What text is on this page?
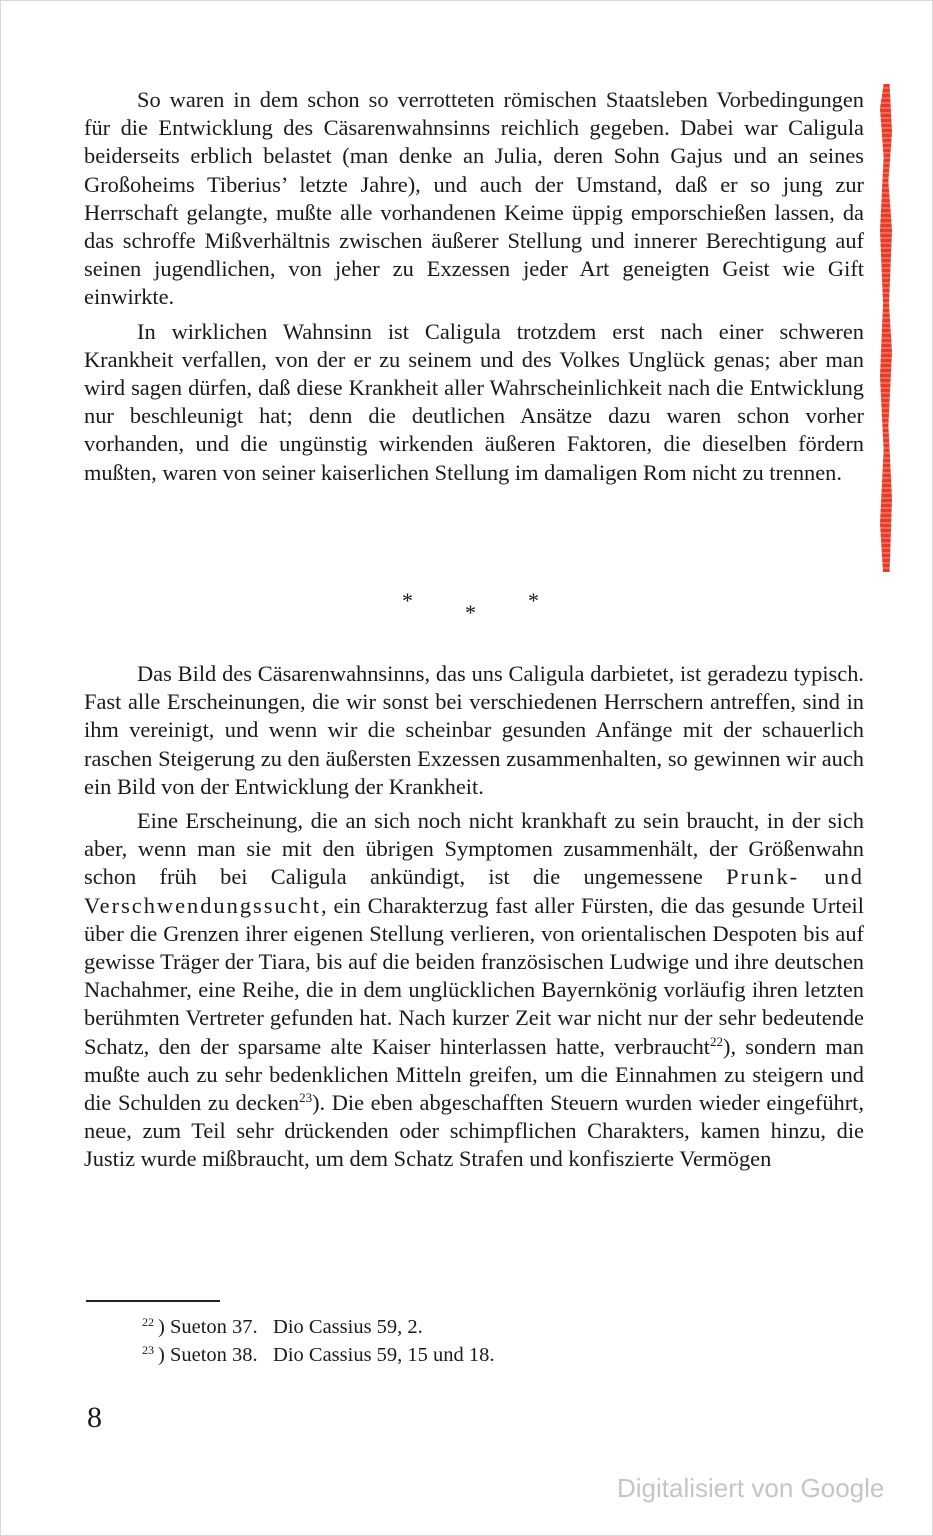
So waren in dem schon so verrotteten römischen Staatsleben Vorbedingungen für die Entwicklung des Cäsarenwahnsinns reichlich gegeben. Dabei war Caligula beiderseits erblich belastet (man denke an Julia, deren Sohn Gajus und an seines Großoheims Tiberius’ letzte Jahre), und auch der Umstand, daß er so jung zur Herrschaft gelangte, mußte alle vorhandenen Keime üppig emporschießen lassen, da das schroffe Mißverhältnis zwischen äußerer Stellung und innerer Berechtigung auf seinen jugendlichen, von jeher zu Exzessen jeder Art geneigten Geist wie Gift einwirkte.

In wirklichen Wahnsinn ist Caligula trotzdem erst nach einer schweren Krankheit verfallen, von der er zu seinem und des Volkes Unglück genas; aber man wird sagen dürfen, daß diese Krankheit aller Wahrscheinlichkeit nach die Entwicklung nur beschleunigt hat; denn die deutlichen Ansätze dazu waren schon vorher vorhanden, und die ungünstig wirkenden äußeren Faktoren, die dieselben fördern mußten, waren von seiner kaiserlichen Stellung im damaligen Rom nicht zu trennen.

* * *

Das Bild des Cäsarenwahnsinns, das uns Caligula darbietet, ist geradezu typisch. Fast alle Erscheinungen, die wir sonst bei verschiedenen Herrschern antreffen, sind in ihm vereinigt, und wenn wir die scheinbar gesunden Anfänge mit der schauerlich raschen Steigerung zu den äußersten Exzessen zusammenhalten, so gewinnen wir auch ein Bild von der Entwicklung der Krankheit.

Eine Erscheinung, die an sich noch nicht krankhaft zu sein braucht, in der sich aber, wenn man sie mit den übrigen Symptomen zusammenhält, der Größenwahn schon früh bei Caligula ankündigt, ist die ungemessene Prunk- und Verschwendungssucht, ein Charakterzug fast aller Fürsten, die das gesunde Urteil über die Grenzen ihrer eigenen Stellung verlieren, von orientalischen Despoten bis auf gewisse Träger der Tiara, bis auf die beiden französischen Ludwige und ihre deutschen Nachahmer, eine Reihe, die in dem unglücklichen Bayernkönig vorläufig ihren letzten berühmten Vertreter gefunden hat. Nach kurzer Zeit war nicht nur der sehr bedeutende Schatz, den der sparsame alte Kaiser hinterlassen hatte, verbraucht$^{22}$), sondern man mußte auch zu sehr bedenklichen Mitteln greifen, um die Einnahmen zu steigern und die Schulden zu decken$^{23}$). Die eben abgeschafften Steuern wurden wieder eingeführt, neue, zum Teil sehr drückenden oder schimpflichen Charakters, kamen hinzu, die Justiz wurde mißbraucht, um dem Schatz Strafen und konfiszierte Vermögen

$^{22}$ ) Sueton 37.   Dio Cassius 59, 2.
$^{23}$ ) Sueton 38.   Dio Cassius 59, 15 und 18.
8
Digitalisiert von Google
